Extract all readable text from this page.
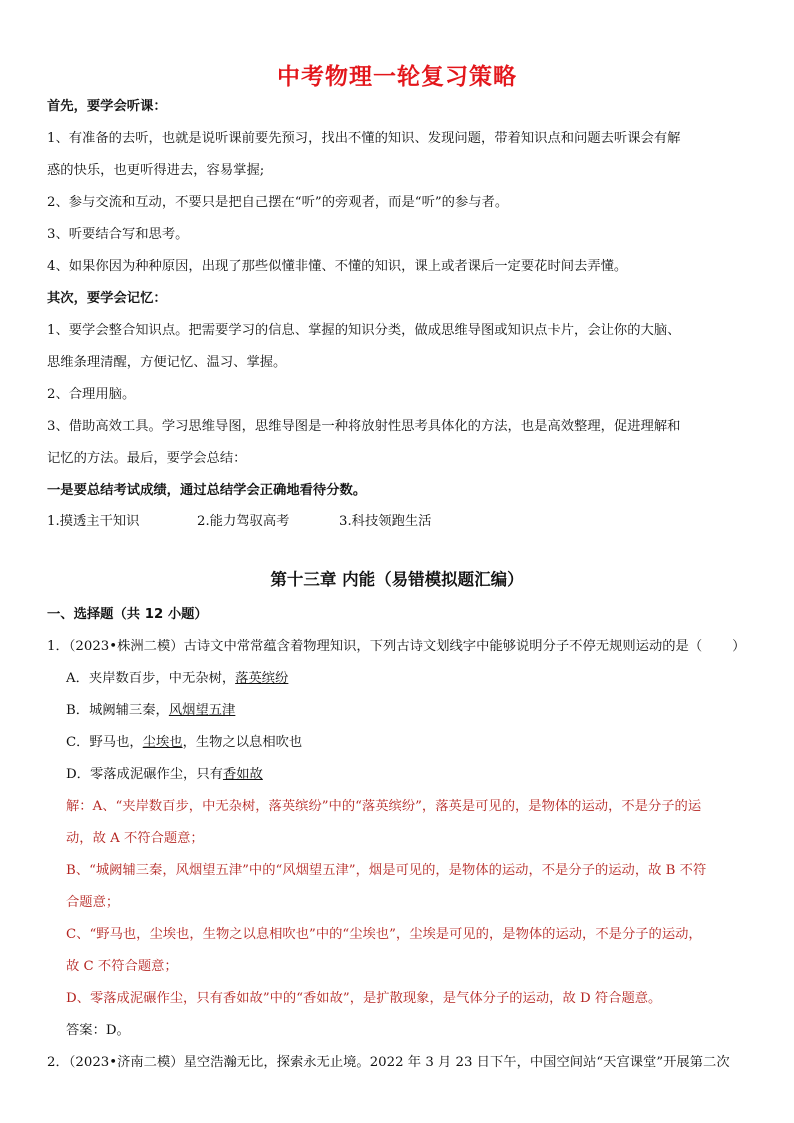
中考物理一轮复习策略
首先，要学会听课：
1、有准备的去听，也就是说听课前要先预习，找出不懂的知识、发现问题，带着知识点和问题去听课会有解
惑的快乐，也更听得进去，容易掌握;
2、参与交流和互动，不要只是把自己摆在“听”的旁观者，而是“听”的参与者。
3、听要结合写和思考。
4、如果你因为种种原因，出现了那些似懂非懂、不懂的知识，课上或者课后一定要花时间去弄懂。
其次，要学会记忆：
1、要学会整合知识点。把需要学习的信息、掌握的知识分类，做成思维导图或知识点卡片，会让你的大脑、
思维条理清醒，方便记忆、温习、掌握。
2、合理用脑。
3、借助高效工具。学习思维导图，思维导图是一种将放射性思考具体化的方法，也是高效整理，促进理解和
记忆的方法。最后，要学会总结：
一是要总结考试成绩，通过总结学会正确地看待分数。
1.摸透主干知识	2.能力驾驭高考	3.科技领跑生活
第十三章 内能（易错模拟题汇编）
一、选择题（共 12 小题）
1．（2023•株洲二模）古诗文中常常蕴含着物理知识，下列古诗文划线字中能够说明分子不停无规则运动的是（ ）
A．夹岸数百步，中无杂树，落英缤纷
B．城阙辅三秦，风烟望五津
C．野马也，尘埃也，生物之以息相吹也
D．零落成泥碾作尘，只有香如故
解：A、“夹岸数百步，中无杂树，落英缤纷”中的“落英缤纷”，落英是可见的，是物体的运动，不是分子的运
动，故 A 不符合题意；
B、“城阙辅三秦，风烟望五津”中的“风烟望五津”，烟是可见的，是物体的运动，不是分子的运动，故 B 不符
合题意；
C、“野马也，尘埃也，生物之以息相吹也”中的“尘埃也”，尘埃是可见的，是物体的运动，不是分子的运动，
故 C 不符合题意；
D、零落成泥碾作尘，只有香如故”中的“香如故”，是扩散现象，是气体分子的运动，故 D 符合题意。
答案：D。
2．（2023•济南二模）星空浩瀚无比，探索永无止境。2022 年 3 月 23 日下午，中国空间站“天宫课堂”开展第二次
